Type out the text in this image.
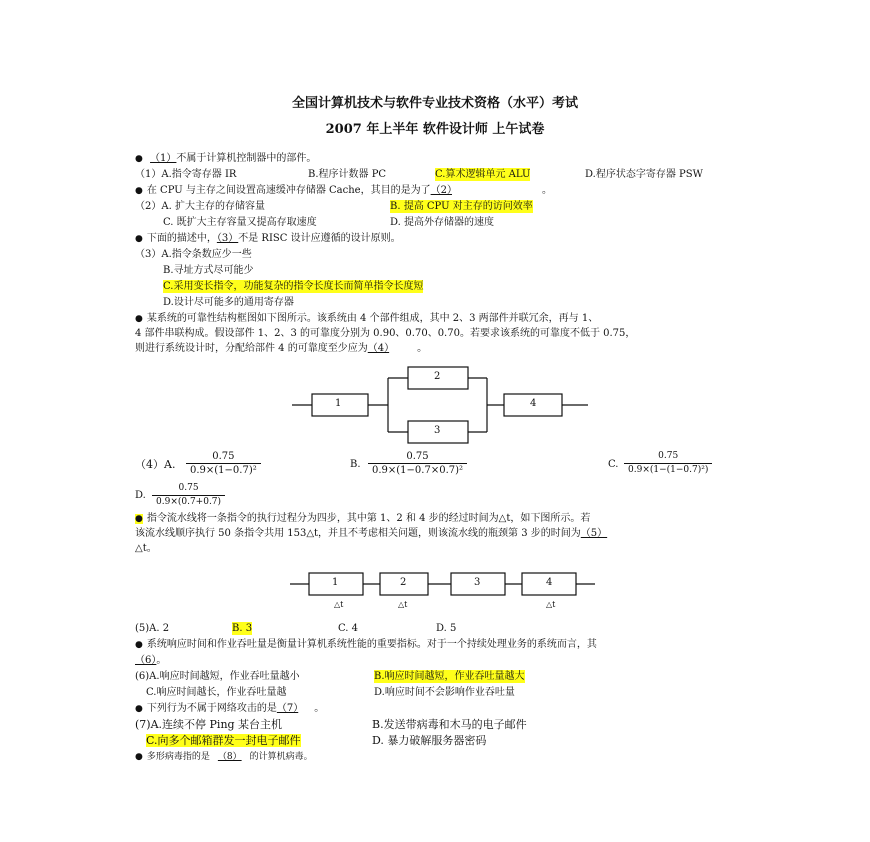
全国计算机技术与软件专业技术资格（水平）考试
2007 年上半年 软件设计师 上午试卷
● （1）不属于计算机控制器中的部件。
（1）A.指令寄存器 IR	B.程序计数器 PC	C.算术逻辑单元 ALU	D.程序状态字寄存器 PSW
● 在 CPU 与主存之间设置高速缓冲存储器 Cache，其目的是为了（2）	。
（2）A. 扩大主存的存储容量	B. 提高 CPU 对主存的访问效率
C. 既扩大主存容量又提高存取速度	D. 提高外存储器的速度
● 下面的描述中，（3）不是 RISC 设计应遵循的设计原则。
（3）A.指令条数应少一些
B.寻址方式尽可能少
C.采用变长指令，功能复杂的指令长度长而简单指令长度短
D.设计尽可能多的通用寄存器
● 某系统的可靠性结构框图如下图所示。该系统由 4 个部件组成，其中 2、3 两部件并联冗余，再与 1、
4 部件串联构成。假设部件 1、2、3 的可靠度分别为 0.90、0.70、0.70。若要求该系统的可靠度不低于 0.75，
则进行系统设计时，分配给部件 4 的可靠度至少应为（4）	。
1
2
3
4
（4）A. $\frac{0.75}{\text{0.9×(1−0.7)²}}$	B. $\frac{0.75}{\text{0.9×(1−0.7×0.7)²}}$	C. $\frac{0.75}{\text{0.9×(1−(1−0.7)²)}}$
D. $\frac{0.75}{0.9\times(0.7+0.7)}$
● 指令流水线将一条指令的执行过程分为四步，其中第 1、2 和 4 步的经过时间为△t，如下图所示。若
该流水线顺序执行 50 条指令共用 153△t，并且不考虑相关问题，则该流水线的瓶颈第 3 步的时间为（5）
△t。
1	2	3	4
△t	△t	△t
(5)A. 2	B. 3	C. 4	D. 5
● 系统响应时间和作业吞吐量是衡量计算机系统性能的重要指标。对于一个持续处理业务的系统而言，其
（6）。
(6)A.响应时间越短，作业吞吐量越小	B.响应时间越短，作业吞吐量越大
C.响应时间越长，作业吞吐量越	D.响应时间不会影响作业吞吐量
● 下列行为不属于网络攻击的是（7） 。
(7)A.连续不停 Ping 某台主机	B.发送带病毒和木马的电子邮件
C.向多个邮箱群发一封电子邮件	D. 暴力破解服务器密码
● 多形病毒指的是 （8） 的计算机病毒。
